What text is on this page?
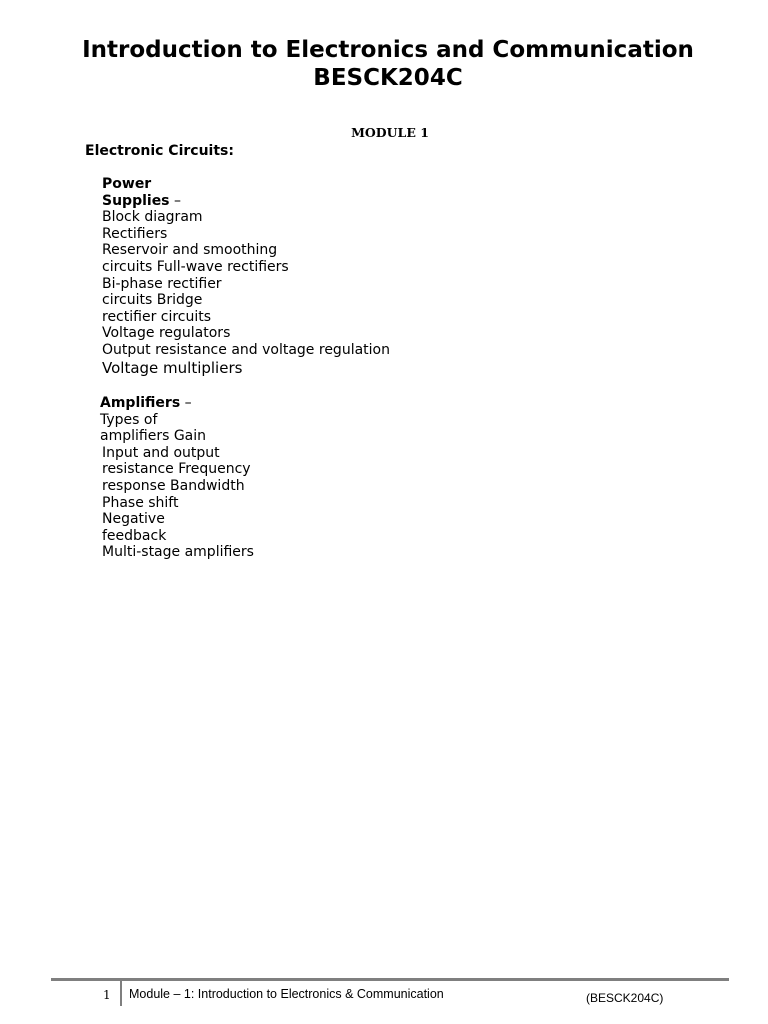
Introduction to Electronics and Communication
BESCK204C
MODULE 1
Electronic Circuits:
Power
Supplies –
Block diagram
Rectifiers
Reservoir and smoothing
circuits Full-wave rectifiers
Bi-phase rectifier
circuits Bridge
rectifier circuits
Voltage regulators
Output resistance and voltage regulation
Voltage multipliers
Amplifiers –
Types of
amplifiers Gain
Input and output
resistance Frequency
response Bandwidth
Phase shift
Negative
feedback
Multi-stage amplifiers
1 Module – 1: Introduction to Electronics & Communication	(BESCK204C)
